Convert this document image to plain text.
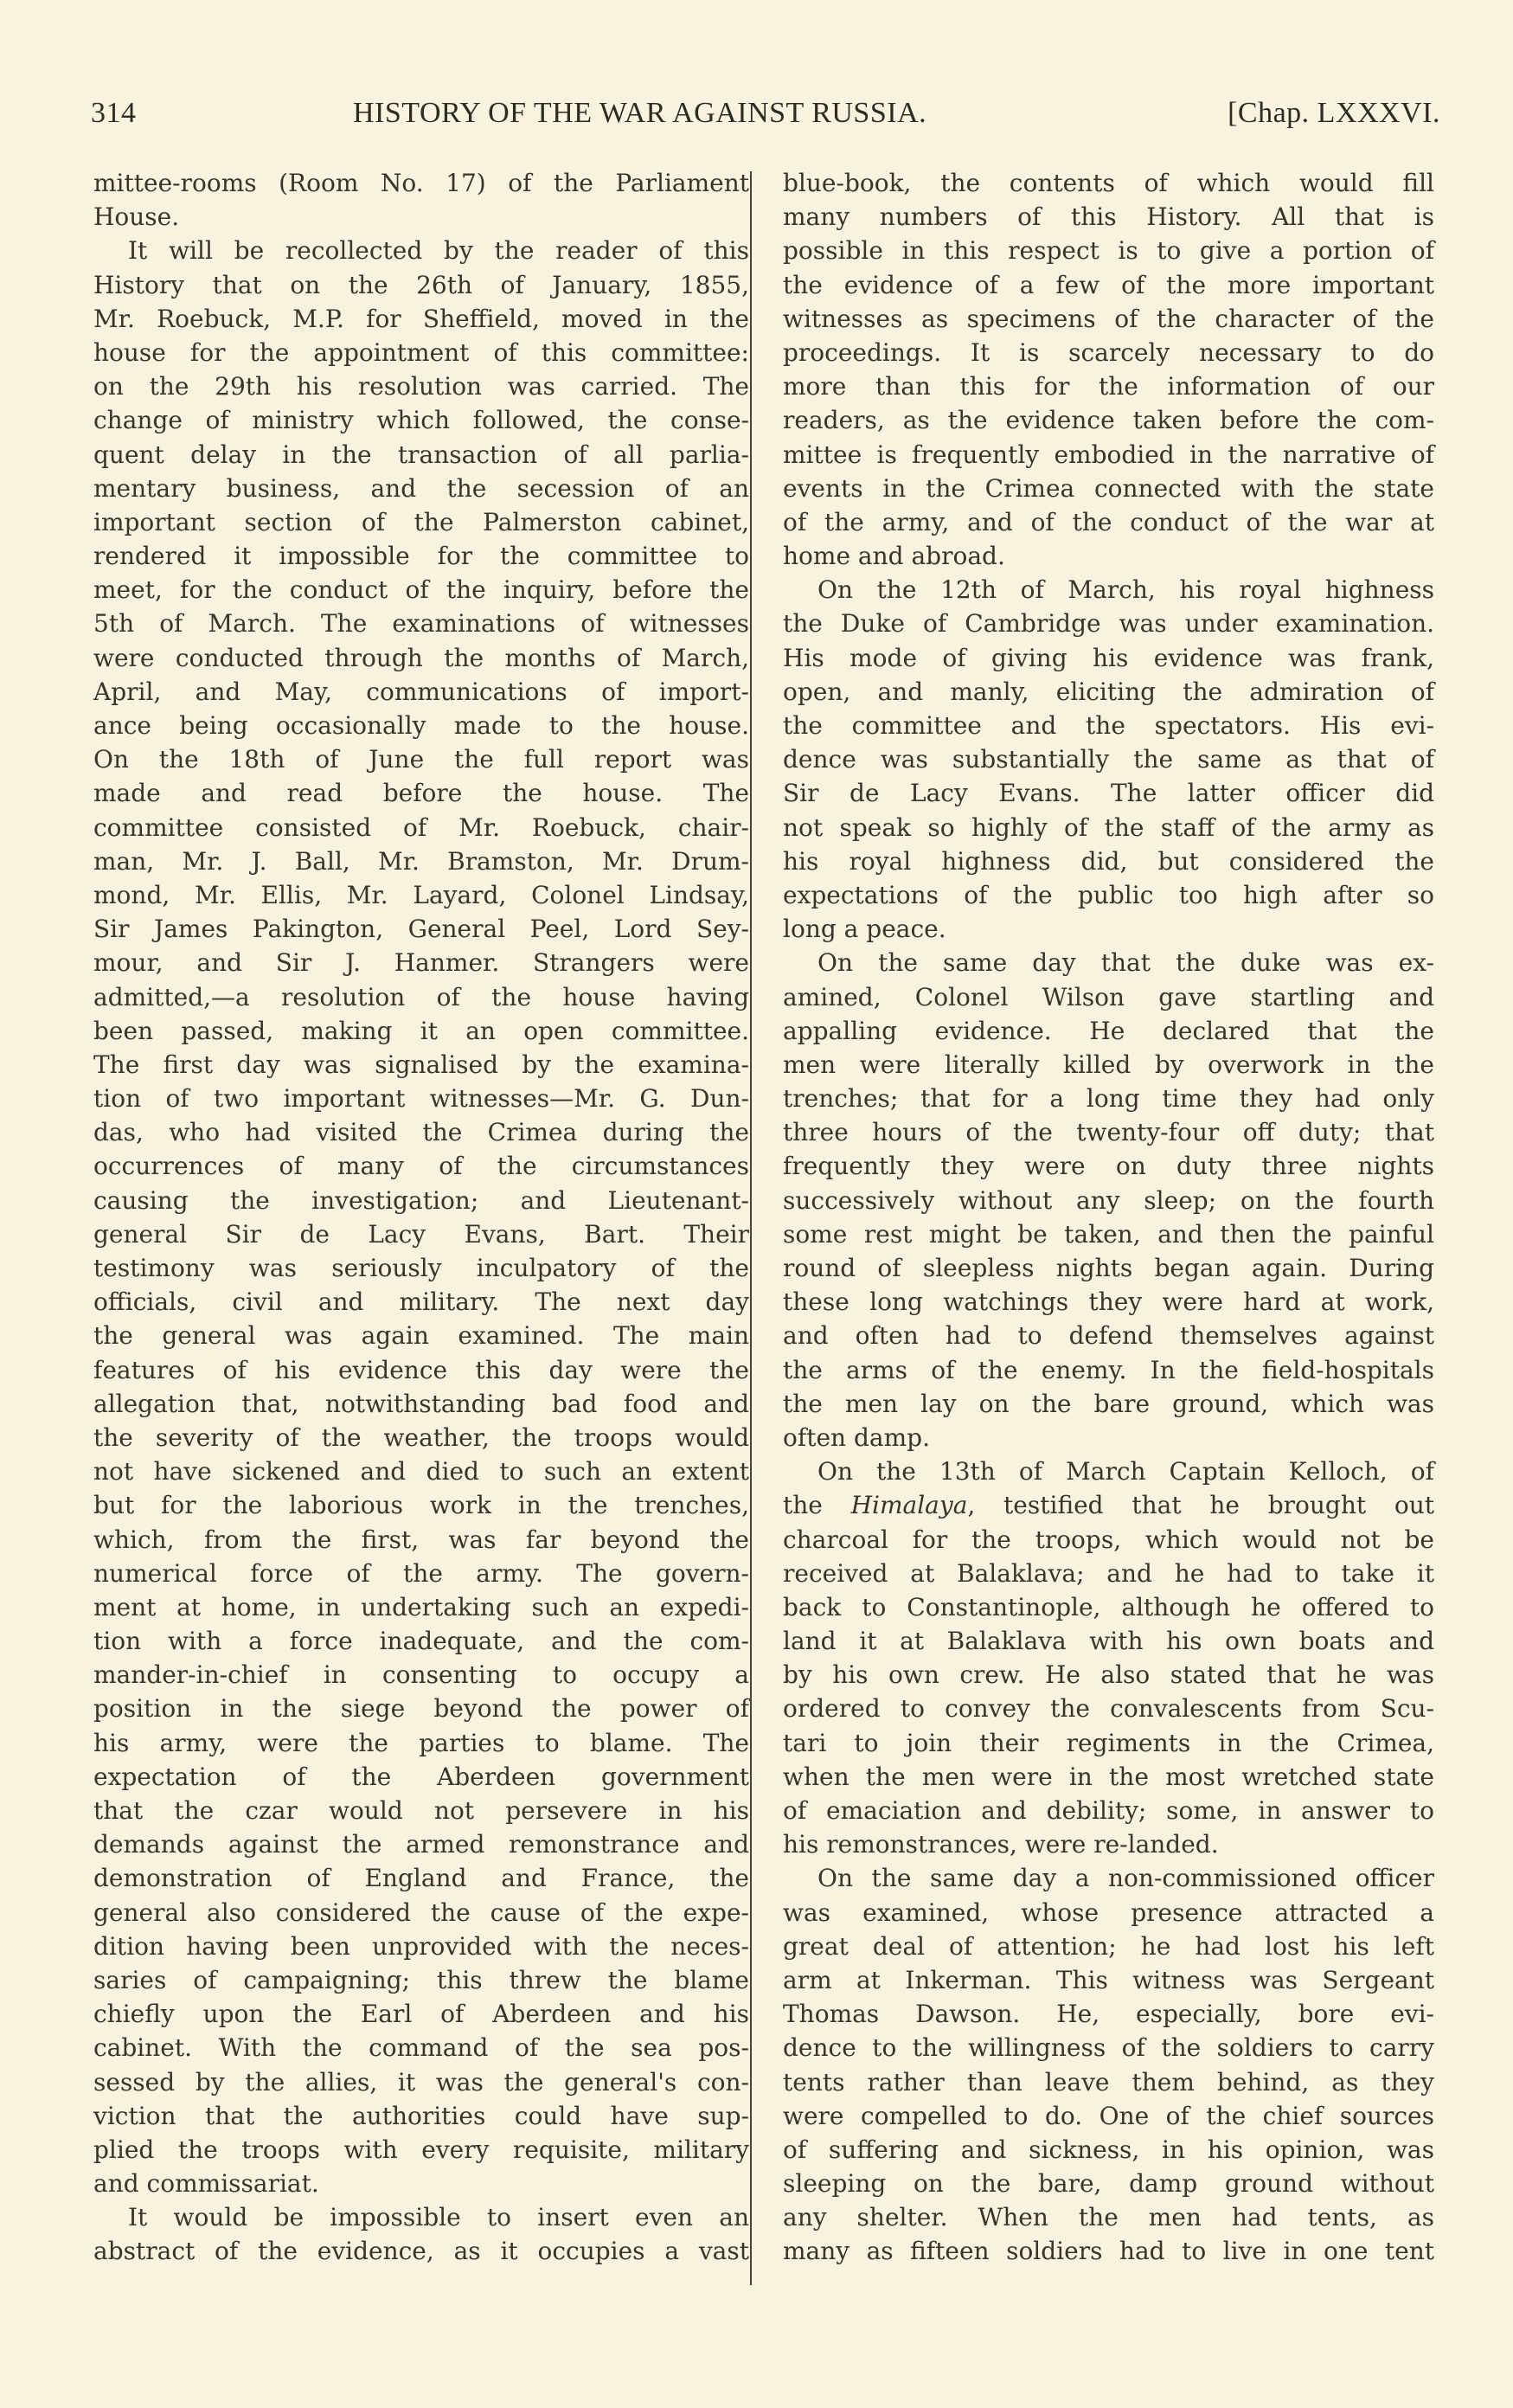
314	HISTORY OF THE WAR AGAINST RUSSIA.	[Chap. LXXXVI.
mittee-rooms (Room No. 17) of the Parliament
House.
It will be recollected by the reader of this
History that on the 26th of January, 1855,
Mr. Roebuck, M.P. for Sheffield, moved in the
house for the appointment of this committee:
on the 29th his resolution was carried. The
change of ministry which followed, the conse-
quent delay in the transaction of all parlia-
mentary business, and the secession of an
important section of the Palmerston cabinet,
rendered it impossible for the committee to
meet, for the conduct of the inquiry, before the
5th of March. The examinations of witnesses
were conducted through the months of March,
April, and May, communications of import-
ance being occasionally made to the house.
On the 18th of June the full report was
made and read before the house. The
committee consisted of Mr. Roebuck, chair-
man, Mr. J. Ball, Mr. Bramston, Mr. Drum-
mond, Mr. Ellis, Mr. Layard, Colonel Lindsay,
Sir James Pakington, General Peel, Lord Sey-
mour, and Sir J. Hanmer. Strangers were
admitted,—a resolution of the house having
been passed, making it an open committee.
The first day was signalised by the examina-
tion of two important witnesses—Mr. G. Dun-
das, who had visited the Crimea during the
occurrences of many of the circumstances
causing the investigation; and Lieutenant-
general Sir de Lacy Evans, Bart. Their
testimony was seriously inculpatory of the
officials, civil and military. The next day
the general was again examined. The main
features of his evidence this day were the
allegation that, notwithstanding bad food and
the severity of the weather, the troops would
not have sickened and died to such an extent
but for the laborious work in the trenches,
which, from the first, was far beyond the
numerical force of the army. The govern-
ment at home, in undertaking such an expedi-
tion with a force inadequate, and the com-
mander-in-chief in consenting to occupy a
position in the siege beyond the power of
his army, were the parties to blame. The
expectation of the Aberdeen government
that the czar would not persevere in his
demands against the armed remonstrance and
demonstration of England and France, the
general also considered the cause of the expe-
dition having been unprovided with the neces-
saries of campaigning; this threw the blame
chiefly upon the Earl of Aberdeen and his
cabinet. With the command of the sea pos-
sessed by the allies, it was the general's con-
viction that the authorities could have sup-
plied the troops with every requisite, military
and commissariat.
It would be impossible to insert even an
abstract of the evidence, as it occupies a vast
blue-book, the contents of which would fill
many numbers of this History. All that is
possible in this respect is to give a portion of
the evidence of a few of the more important
witnesses as specimens of the character of the
proceedings. It is scarcely necessary to do
more than this for the information of our
readers, as the evidence taken before the com-
mittee is frequently embodied in the narrative of
events in the Crimea connected with the state
of the army, and of the conduct of the war at
home and abroad.
On the 12th of March, his royal highness
the Duke of Cambridge was under examination.
His mode of giving his evidence was frank,
open, and manly, eliciting the admiration of
the committee and the spectators. His evi-
dence was substantially the same as that of
Sir de Lacy Evans. The latter officer did
not speak so highly of the staff of the army as
his royal highness did, but considered the
expectations of the public too high after so
long a peace.
On the same day that the duke was ex-
amined, Colonel Wilson gave startling and
appalling evidence. He declared that the
men were literally killed by overwork in the
trenches; that for a long time they had only
three hours of the twenty-four off duty; that
frequently they were on duty three nights
successively without any sleep; on the fourth
some rest might be taken, and then the painful
round of sleepless nights began again. During
these long watchings they were hard at work,
and often had to defend themselves against
the arms of the enemy. In the field-hospitals
the men lay on the bare ground, which was
often damp.
On the 13th of March Captain Kelloch, of
the Himalaya, testified that he brought out
charcoal for the troops, which would not be
received at Balaklava; and he had to take it
back to Constantinople, although he offered to
land it at Balaklava with his own boats and
by his own crew. He also stated that he was
ordered to convey the convalescents from Scu-
tari to join their regiments in the Crimea,
when the men were in the most wretched state
of emaciation and debility; some, in answer to
his remonstrances, were re-landed.
On the same day a non-commissioned officer
was examined, whose presence attracted a
great deal of attention; he had lost his left
arm at Inkerman. This witness was Sergeant
Thomas Dawson. He, especially, bore evi-
dence to the willingness of the soldiers to carry
tents rather than leave them behind, as they
were compelled to do. One of the chief sources
of suffering and sickness, in his opinion, was
sleeping on the bare, damp ground without
any shelter. When the men had tents, as
many as fifteen soldiers had to live in one tent
